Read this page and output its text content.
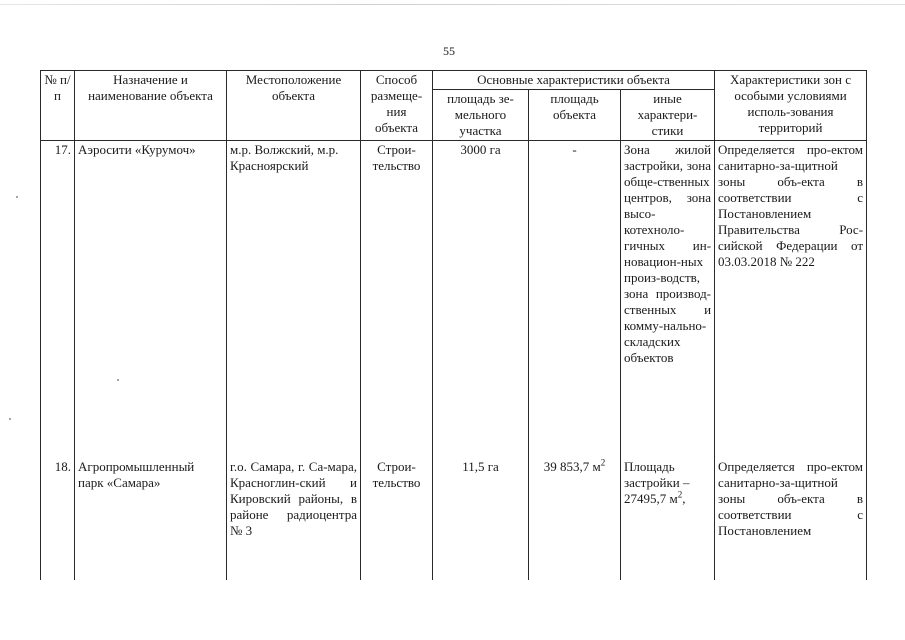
55
№ п/п	Назначение и наименование объекта	Местоположение объекта	Способ размеще-ния объекта	Основные характеристики объекта			Характеристики зон с особыми условиями исполь-зования территорий
				площадь зе-мельного участка	площадь объекта	иные характери-стики	
17.	Аэросити «Курумоч»	м.р. Волжский, м.р. Красноярский	Строи-тельство	3000 га	-	Зона жилой застройки, зона обще-ственных центров, зона высо-котехноло-гичных ин-новацион-ных произ-водств, зона производ-ственных и комму-нально-складских объектов	Определяется про-ектом санитарно-за-щитной зоны объ-екта в соответствии с Постановлением Правительства Рос-сийской Федерации от 03.03.2018 № 222
18.	Агропромышленный парк «Самара»	г.о. Самара, г. Са-мара, Красноглин-ский и Кировский районы, в районе радиоцентра № 3	Строи-тельство	11,5 га	39 853,7 $м^2$	Площадь застройки – 27495,7 $м^2$,	Определяется про-ектом санитарно-за-щитной зоны объ-екта в соответствии с Постановлением
